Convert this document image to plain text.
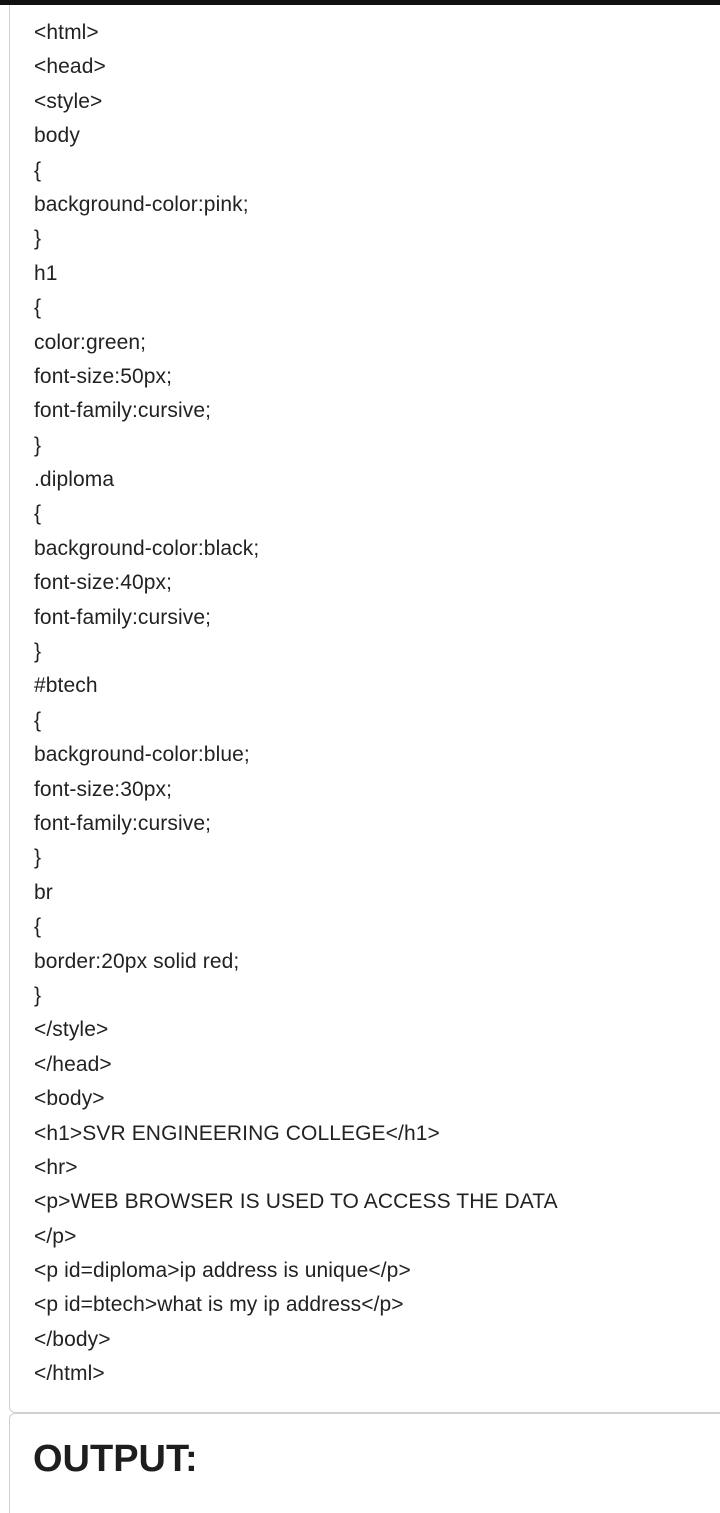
<html>
<head>
<style>
body
{
background-color:pink;
}
h1
{
color:green;
font-size:50px;
font-family:cursive;
}
.diploma
{
background-color:black;
font-size:40px;
font-family:cursive;
}
#btech
{
background-color:blue;
font-size:30px;
font-family:cursive;
}
br
{
border:20px solid red;
}
</style>
</head>
<body>
<h1>SVR ENGINEERING COLLEGE</h1>
<hr>
<p>WEB BROWSER IS USED TO ACCESS THE DATA
</p>
<p id=diploma>ip address is unique</p>
<p id=btech>what is my ip address</p>
</body>
</html>
OUTPUT:
